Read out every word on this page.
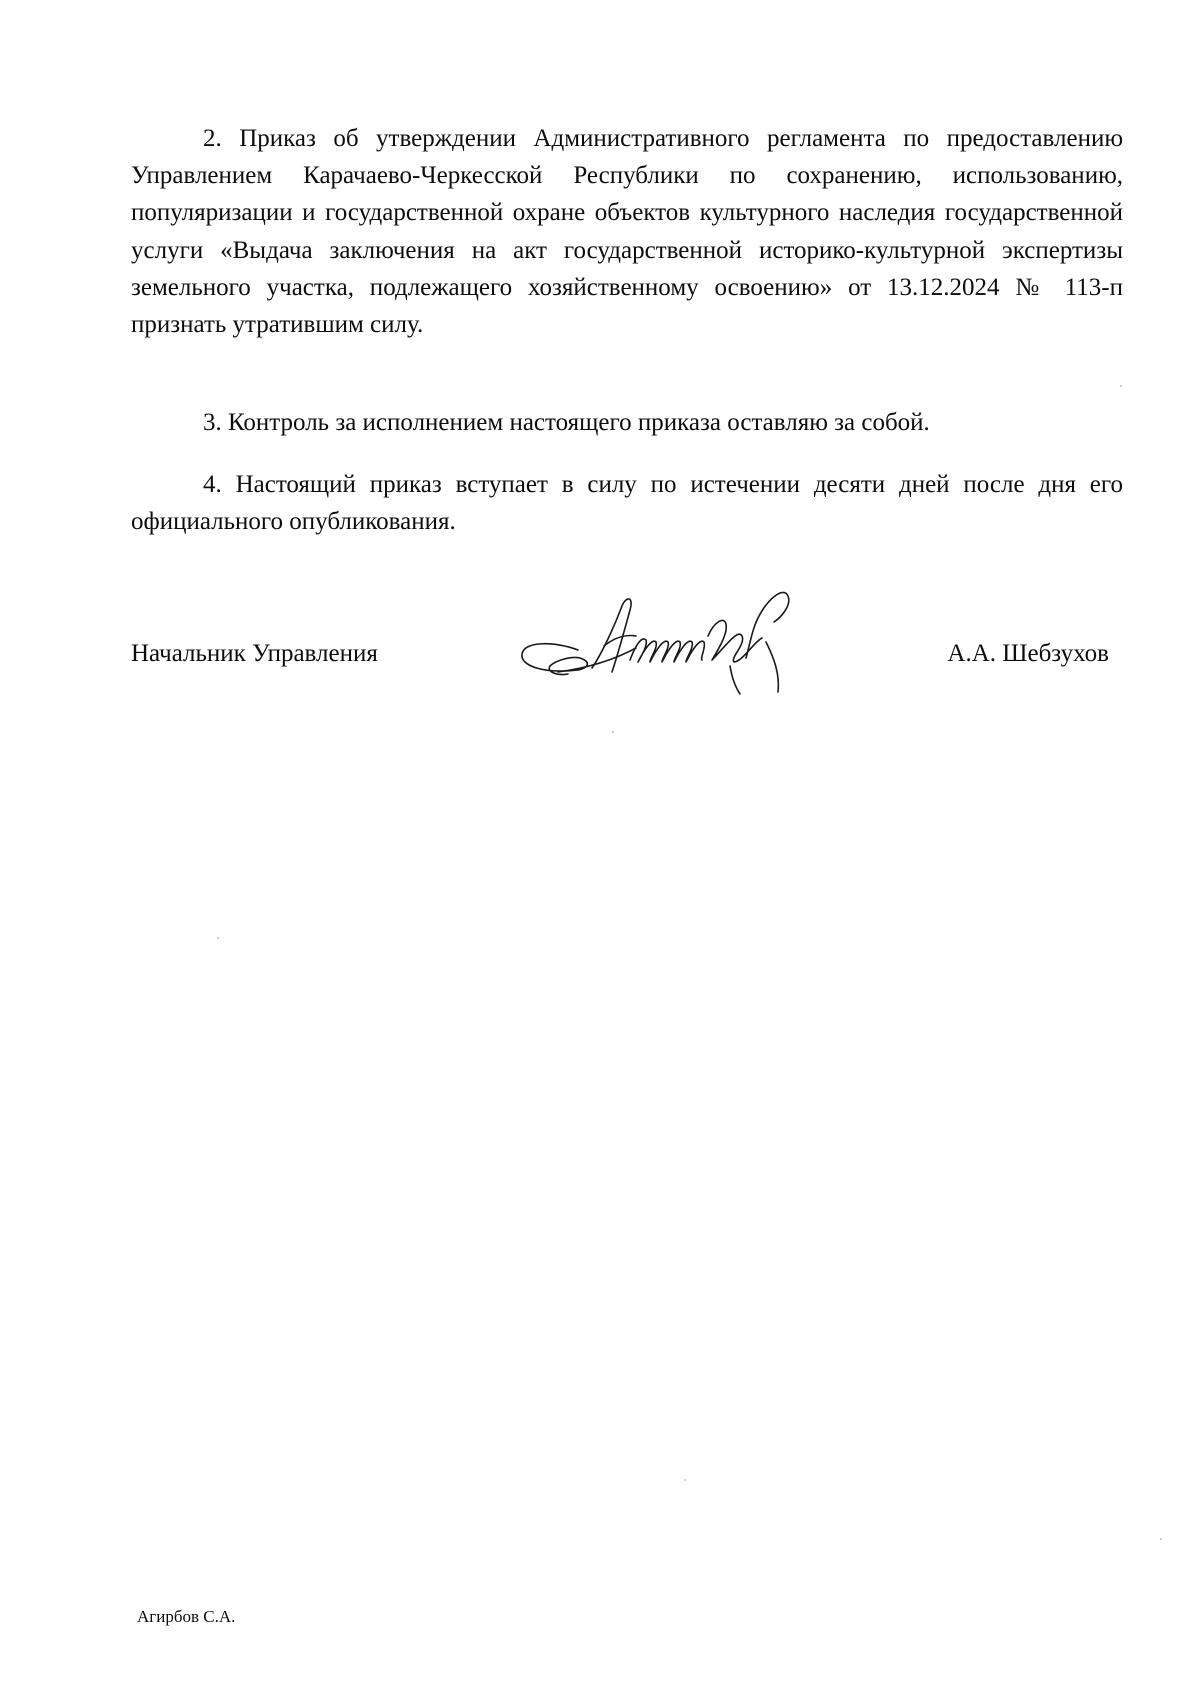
2. Приказ об утверждении Административного регламента по предоставлению Управлением Карачаево-Черкесской Республики по сохранению, использованию, популяризации и государственной охране объектов культурного наследия государственной услуги «Выдача заключения на акт государственной историко-культурной экспертизы земельного участка, подлежащего хозяйственному освоению» от 13.12.2024 № 113-п признать утратившим силу.

3. Контроль за исполнением настоящего приказа оставляю за собой.

4. Настоящий приказ вступает в силу по истечении десяти дней после дня его официального опубликования.

Начальник Управления	А.А. Шебзухов
Агирбов С.А.
